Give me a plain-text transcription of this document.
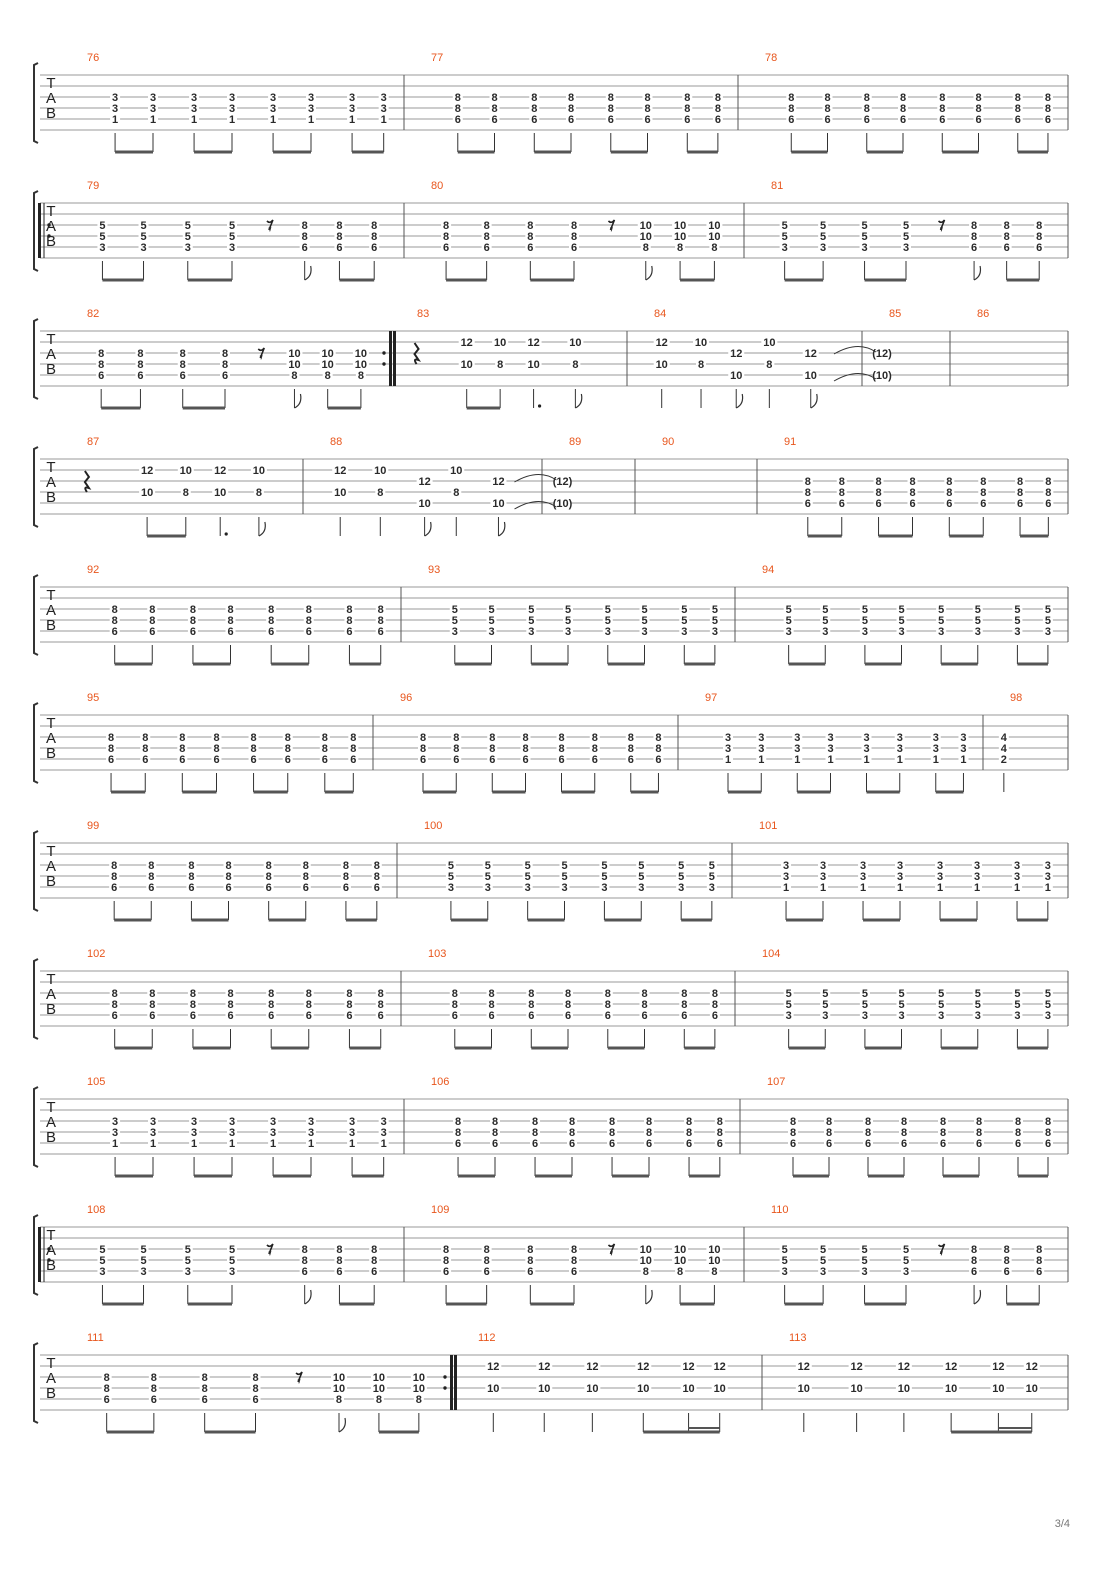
T
A
B
76
3
3
1
3
3
1
3
3
1
3
3
1
3
3
1
3
3
1
3
3
1
3
3
1
77
8
8
6
8
8
6
8
8
6
8
8
6
8
8
6
8
8
6
8
8
6
8
8
6
78
8
8
6
8
8
6
8
8
6
8
8
6
8
8
6
8
8
6
8
8
6
8
8
6
T
A
B
79
5
5
3
5
5
3
5
5
3
5
5
3
𝄾	8
8
6
8
8
6
8
8
6
80
8
8
6
8
8
6
8
8
6
8
8
6
𝄾 10
10
8
10
10
8
10
10
8
81
5
5
3
5
5
3
5
5
3
5
5
3
𝄾	8
8
6
8
8
6
8
8
6
T
A
B
82
8
8
6
8
8
6
8
8
6
8
8
6
𝄾 10
10
8
10
10
8
10
10
8
83
12
10
10
8
12
10
10
8
84
12
10
10
8
12
10
10
8
12
10
85
(12)
(10)
86
T
A
B
87
12
10
10
8
12
10
10
8
88
12
10
10
8
12
10
10
8
12
10
89
(12)
(10)
90	91
8
8
6
8
8
6
8
8
6
8
8
6
8
8
6
8
8
6
8
8
6
8
8
6
T
A
B
92
8
8
6
8
8
6
8
8
6
8
8
6
8
8
6
8
8
6
8
8
6
8
8
6
93
5
5
3
5
5
3
5
5
3
5
5
3
5
5
3
5
5
3
5
5
3
5
5
3
94
5
5
3
5
5
3
5
5
3
5
5
3
5
5
3
5
5
3
5
5
3
5
5
3
T
A
B
95
8
8
6
8
8
6
8
8
6
8
8
6
8
8
6
8
8
6
8
8
6
8
8
6
96
8
8
6
8
8
6
8
8
6
8
8
6
8
8
6
8
8
6
8
8
6
8
8
6
97
3
3
1
3
3
1
3
3
1
3
3
1
3
3
1
3
3
1
3
3
1
3
3
1
98
4
4
2
T
A
B
99
8
8
6
8
8
6
8
8
6
8
8
6
8
8
6
8
8
6
8
8
6
8
8
6
100
5
5
3
5
5
3
5
5
3
5
5
3
5
5
3
5
5
3
5
5
3
5
5
3
101
3
3
1
3
3
1
3
3
1
3
3
1
3
3
1
3
3
1
3
3
1
3
3
1
T
A
B
102
8
8
6
8
8
6
8
8
6
8
8
6
8
8
6
8
8
6
8
8
6
8
8
6
103
8
8
6
8
8
6
8
8
6
8
8
6
8
8
6
8
8
6
8
8
6
8
8
6
104
5
5
3
5
5
3
5
5
3
5
5
3
5
5
3
5
5
3
5
5
3
5
5
3
T
A
B
105
3
3
1
3
3
1
3
3
1
3
3
1
3
3
1
3
3
1
3
3
1
3
3
1
106
8
8
6
8
8
6
8
8
6
8
8
6
8
8
6
8
8
6
8
8
6
8
8
6
107
8
8
6
8
8
6
8
8
6
8
8
6
8
8
6
8
8
6
8
8
6
8
8
6
T
A
B
108
5
5
3
5
5
3
5
5
3
5
5
3
𝄾	8
8
6
8
8
6
8
8
6
109
8
8
6
8
8
6
8
8
6
8
8
6
𝄾 10
10
8
10
10
8
10
10
8
110
5
5
3
5
5
3
5
5
3
5
5
3
𝄾	8
8
6
8
8
6
8
8
6
T
A
B
111
8
8
6
8
8
6
8
8
6
8
8
6
𝄾	10
10
8
10
10
8
10
10
8
112
12
10
12
10
12
10
12
10
12
10
12
10
113
12
10
12
10
12
10
12
10
12
10
12
10
3/4
